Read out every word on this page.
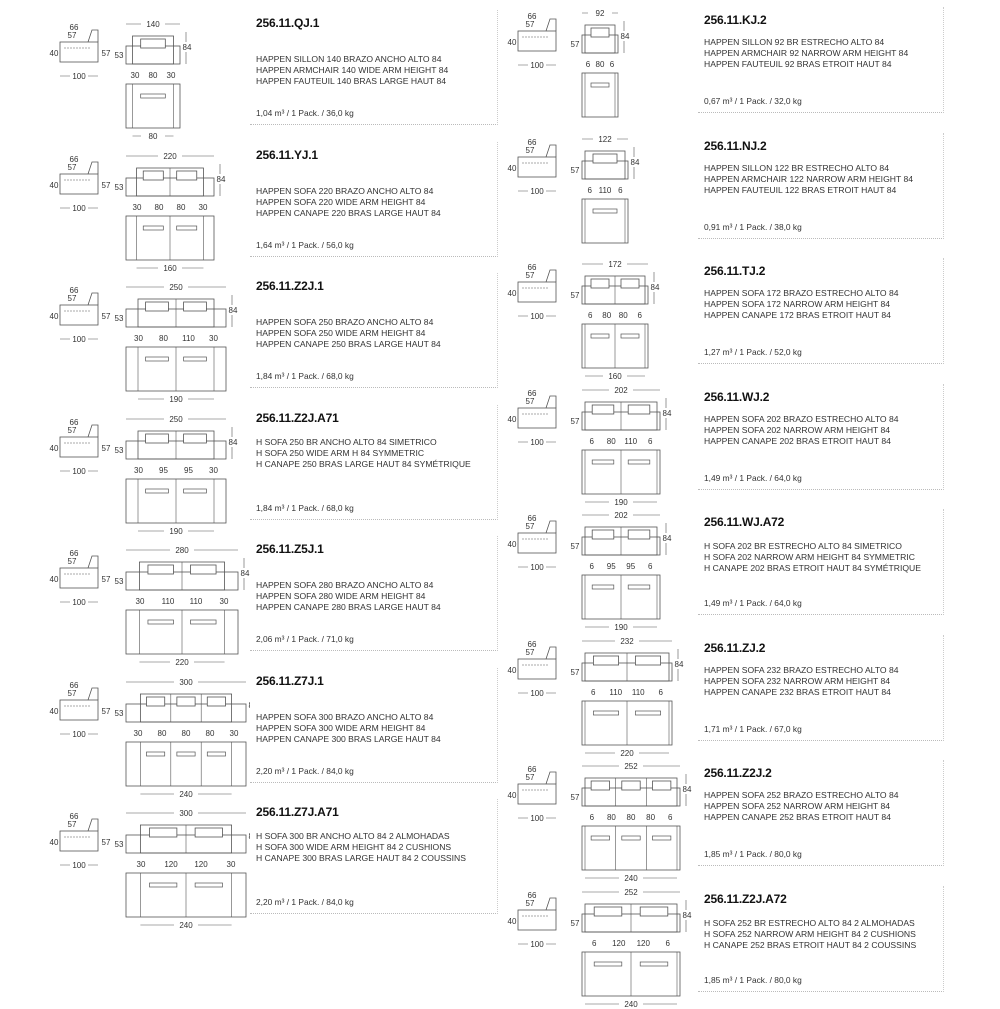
66
57
40	57
100
140
53
84
30 80 30
80
256.11.QJ.1
HAPPEN SILLON 140 BRAZO ANCHO ALTO 84
HAPPEN ARMCHAIR 140 WIDE ARM HEIGHT 84
HAPPEN FAUTEUIL 140 BRAS LARGE HAUT 84
1,04 m³ / 1 Pack. / 36,0 kg
66
57
40	57
100
220
53
84
30 80 80 30
160
256.11.YJ.1
HAPPEN SOFA 220 BRAZO ANCHO ALTO 84
HAPPEN SOFA 220 WIDE ARM HEIGHT 84
HAPPEN CANAPE 220 BRAS LARGE HAUT 84
1,64 m³ / 1 Pack. / 56,0 kg
66
57
40	57
100
250
53
84
30 80 110 30
190
256.11.Z2J.1
HAPPEN SOFA 250 BRAZO ANCHO ALTO 84
HAPPEN SOFA 250 WIDE ARM HEIGHT 84
HAPPEN CANAPE 250 BRAS LARGE HAUT 84
1,84 m³ / 1 Pack. / 68,0 kg
66
57
40	57
100
250
53
84
30 95 95 30
190
256.11.Z2J.A71
H SOFA 250 BR ANCHO ALTO 84 SIMETRICO
H SOFA 250 WIDE ARM H 84 SYMMETRIC
H CANAPE 250 BRAS LARGE HAUT 84 SYMÉTRIQUE
1,84 m³ / 1 Pack. / 68,0 kg
66
57
40	57
100
280
53
84
30 110 110 30
220
256.11.Z5J.1
HAPPEN SOFA 280 BRAZO ANCHO ALTO 84
HAPPEN SOFA 280 WIDE ARM HEIGHT 84
HAPPEN CANAPE 280 BRAS LARGE HAUT 84
2,06 m³ / 1 Pack. / 71,0 kg
66
57
40	57
100
300
53
30 80 80 80 30
240
256.11.Z7J.1
HAPPEN SOFA 300 BRAZO ANCHO ALTO 84
HAPPEN SOFA 300 WIDE ARM HEIGHT 84
HAPPEN CANAPE 300 BRAS LARGE HAUT 84
2,20 m³ / 1 Pack. / 84,0 kg
66
57
40	57
100
300
53
30 120 120 30
240
256.11.Z7J.A71
H SOFA 300 BR ANCHO ALTO 84 2 ALMOHADAS
H SOFA 300 WIDE ARM HEIGHT 84 2 CUSHIONS
H CANAPE 300 BRAS LARGE HAUT 84 2 COUSSINS
2,20 m³ / 1 Pack. / 84,0 kg
66
57
40
100
92
57
84
6 80 6
256.11.KJ.2
HAPPEN SILLON 92 BR ESTRECHO ALTO 84
HAPPEN ARMCHAIR 92 NARROW ARM HEIGHT 84
HAPPEN FAUTEUIL 92 BRAS ETROIT HAUT 84
0,67 m³ / 1 Pack. / 32,0 kg
66
57
40
100
122
57
84
6 110 6
256.11.NJ.2
HAPPEN SILLON 122 BR ESTRECHO ALTO 84
HAPPEN ARMCHAIR 122 NARROW ARM HEIGHT 84
HAPPEN FAUTEUIL 122 BRAS ETROIT HAUT 84
0,91 m³ / 1 Pack. / 38,0 kg
66
57
40
100
172
57
84
6 80 80 6
160
256.11.TJ.2
HAPPEN SOFA 172 BRAZO ESTRECHO ALTO 84
HAPPEN SOFA 172 NARROW ARM HEIGHT 84
HAPPEN CANAPE 172 BRAS ETROIT HAUT 84
1,27 m³ / 1 Pack. / 52,0 kg
66
57
40
100
202
57
84
6 80 110 6
190
256.11.WJ.2
HAPPEN SOFA 202 BRAZO ESTRECHO ALTO 84
HAPPEN SOFA 202 NARROW ARM HEIGHT 84
HAPPEN CANAPE 202 BRAS ETROIT HAUT 84
1,49 m³ / 1 Pack. / 64,0 kg
66
57
40
100
202
57
84
6 95 95 6
190
256.11.WJ.A72
H SOFA 202 BR ESTRECHO ALTO 84 SIMETRICO
H SOFA 202 NARROW ARM HEIGHT 84 SYMMETRIC
H CANAPE 202 BRAS ETROIT HAUT 84 SYMÉTRIQUE
1,49 m³ / 1 Pack. / 64,0 kg
66
57
40
100
232
57
84
6 110 110 6
220
256.11.ZJ.2
HAPPEN SOFA 232 BRAZO ESTRECHO ALTO 84
HAPPEN SOFA 232 NARROW ARM HEIGHT 84
HAPPEN CANAPE 232 BRAS ETROIT HAUT 84
1,71 m³ / 1 Pack. / 67,0 kg
66
57
40
100
252
57
84
6 80 80 80 6
240
256.11.Z2J.2
HAPPEN SOFA 252 BRAZO ESTRECHO ALTO 84
HAPPEN SOFA 252 NARROW ARM HEIGHT 84
HAPPEN CANAPE 252 BRAS ETROIT HAUT 84
1,85 m³ / 1 Pack. / 80,0 kg
66
57
40
100
252
57
84
6 120 120 6
240
256.11.Z2J.A72
H SOFA 252 BR ESTRECHO ALTO 84 2 ALMOHADAS
H SOFA 252 NARROW ARM HEIGHT 84 2 CUSHIONS
H CANAPE 252 BRAS ETROIT HAUT 84 2 COUSSINS
1,85 m³ / 1 Pack. / 80,0 kg
